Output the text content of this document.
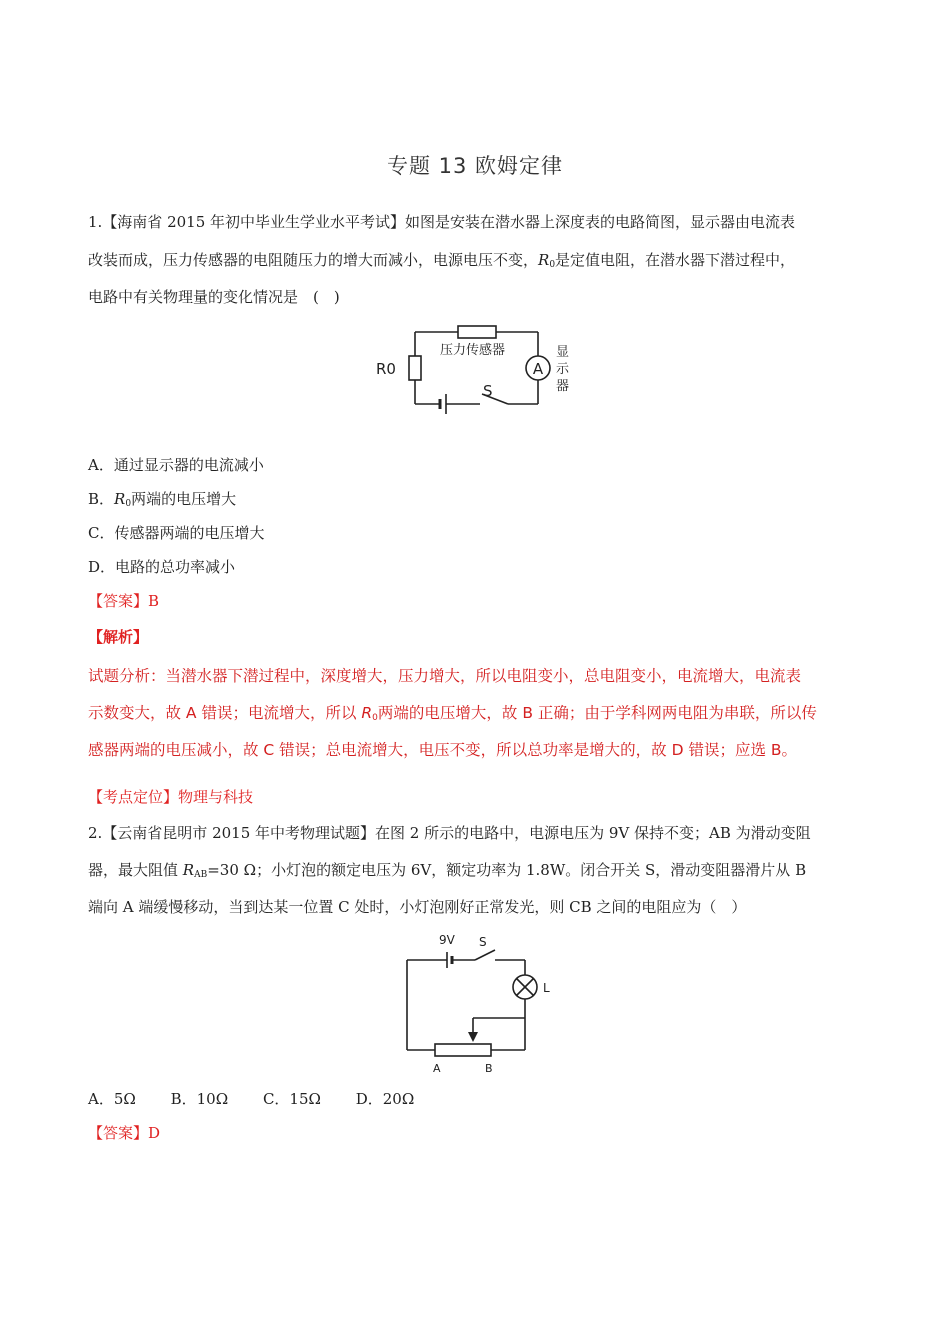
专题 13 欧姆定律
1.【海南省 2015 年初中毕业生学业水平考试】如图是安装在潜水器上深度表的电路简图，显示器由电流表
改装而成，压力传感器的电阻随压力的增大而减小，电源电压不变，$R_0$是定值电阻，在潜水器下潜过程中，
电路中有关物理量的变化情况是　(　)
A
R0
压力传感器
S
显
示
器
A．通过显示器的电流减小
B．$R_0$两端的电压增大
C．传感器两端的电压增大
D．电路的总功率减小
【答案】B
【解析】
试题分析：当潜水器下潜过程中，深度增大，压力增大，所以电阻变小，总电阻变小，电流增大，电流表
示数变大，故 A 错误；电流增大，所以 $R_0$两端的电压增大，故 B 正确；由于学科网两电阻为串联，所以传
感器两端的电压减小，故 C 错误；总电流增大，电压不变，所以总功率是增大的，故 D 错误；应选 B。
【考点定位】物理与科技
2.【云南省昆明市 2015 年中考物理试题】在图 2 所示的电路中，电源电压为 9V 保持不变；AB 为滑动变阻
器，最大阻值 $R_{AB}=30$ Ω；小灯泡的额定电压为 6V，额定功率为 1.8W。闭合开关 S，滑动变阻器滑片从 B
端向 A 端缓慢移动，当到达某一位置 C 处时，小灯泡刚好正常发光，则 CB 之间的电阻应为（　）
9V S
L
A	B
A．5Ω B．10Ω C．15Ω D．20Ω
【答案】D
